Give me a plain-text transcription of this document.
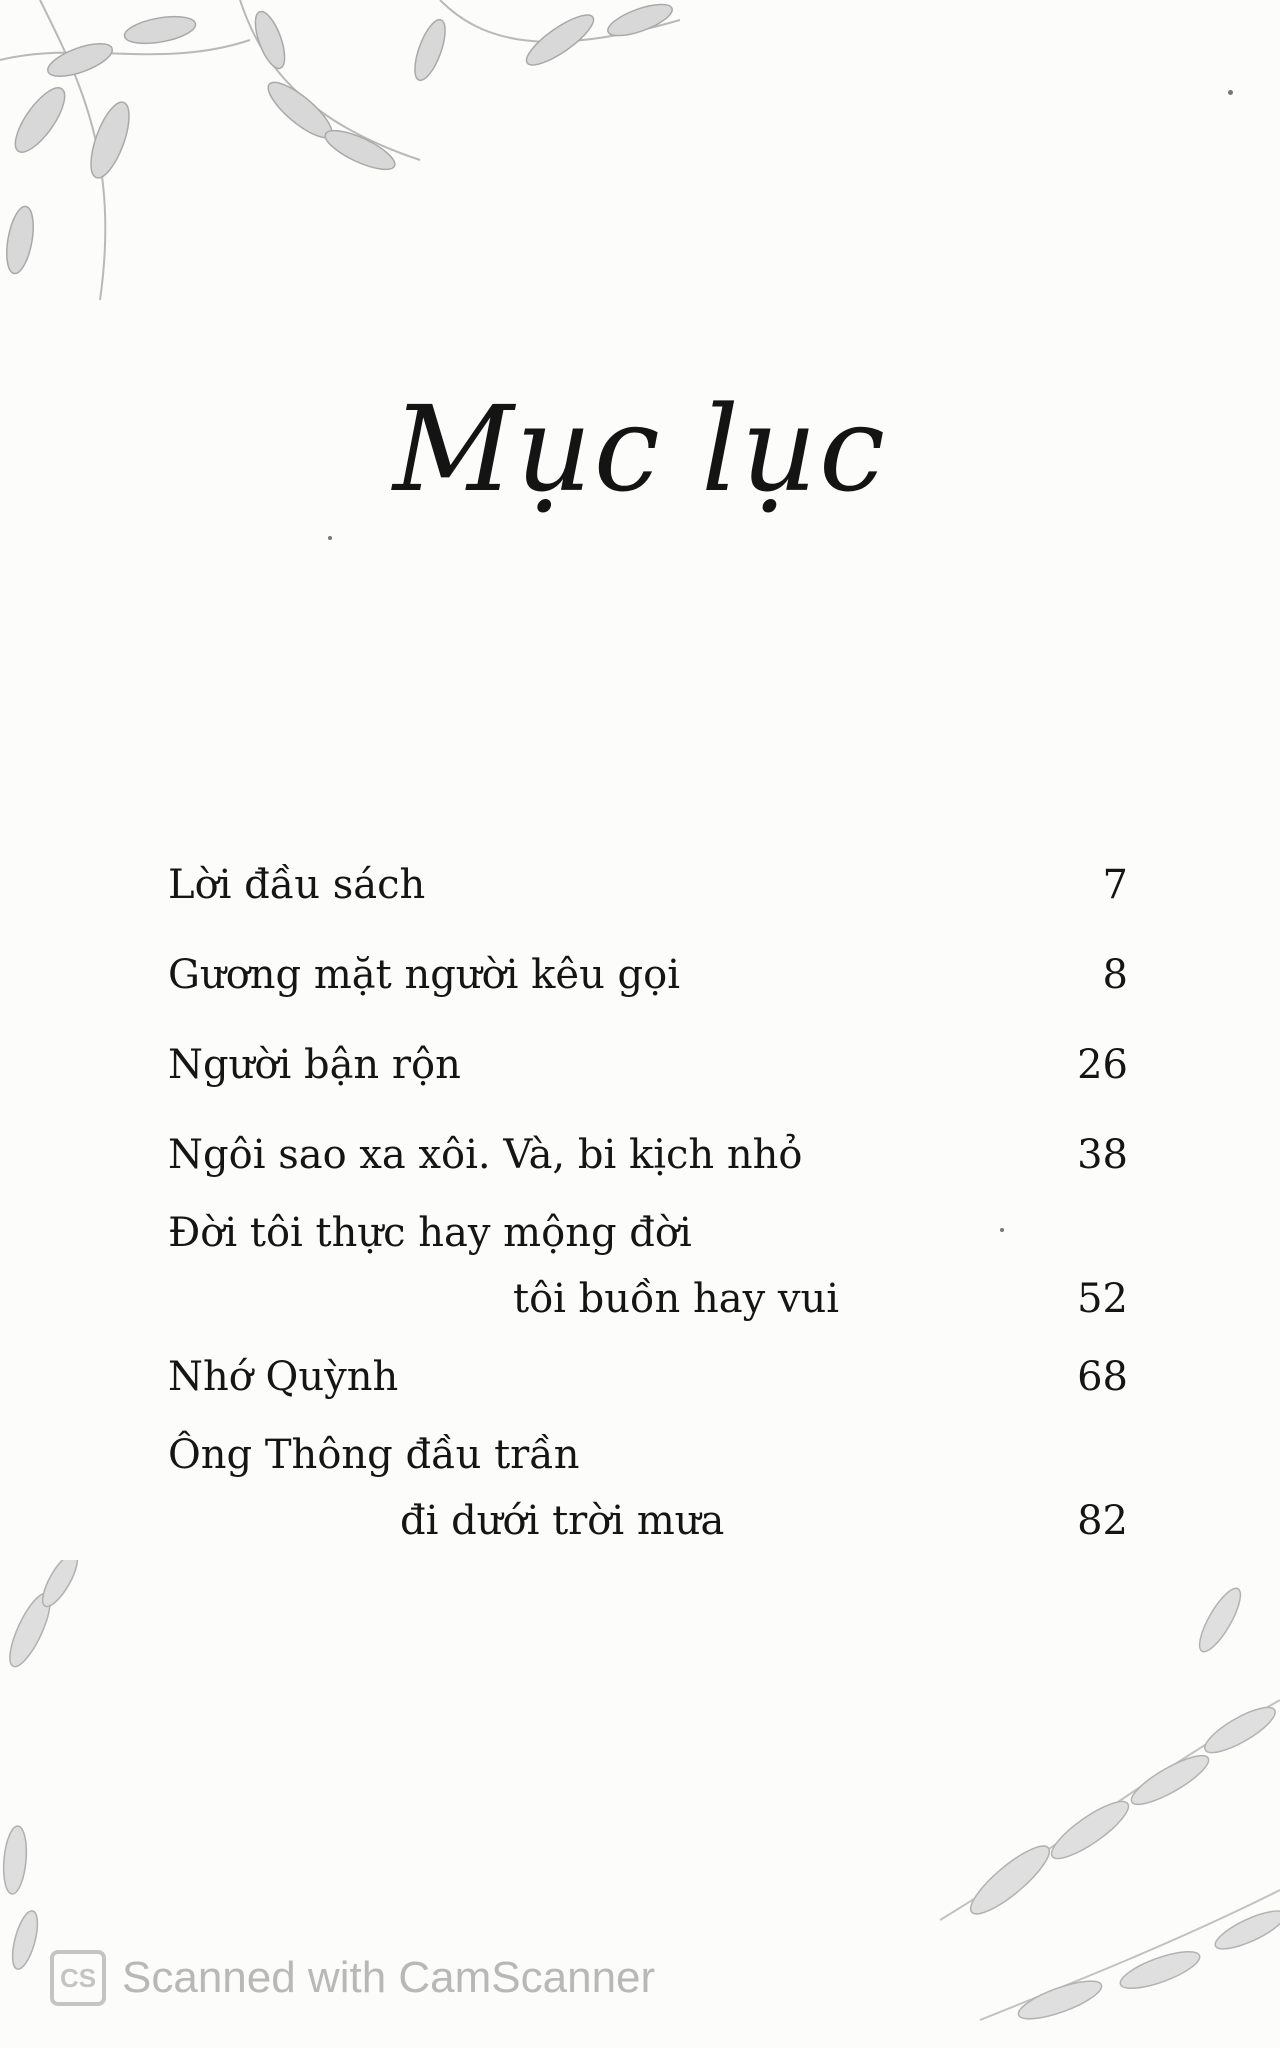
Mục lục
Lời đầu sách	7
Gương mặt người kêu gọi	8
Người bận rộn	26
Ngôi sao xa xôi. Và, bi kịch nhỏ	38
Đời tôi thực hay mộng đời
tôi buồn hay vui	52
Nhớ Quỳnh	68
Ông Thông đầu trần
đi dưới trời mưa	82
CS Scanned with CamScanner
